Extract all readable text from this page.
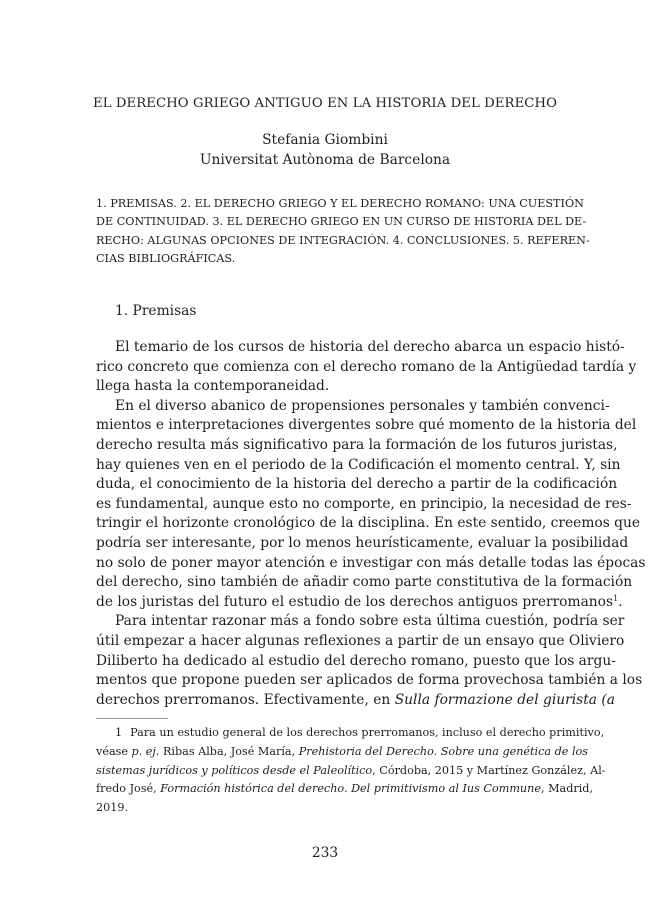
EL DERECHO GRIEGO ANTIGUO EN LA HISTORIA DEL DERECHO
Stefania Giombini
Universitat Autònoma de Barcelona
1. PREMISAS. 2. EL DERECHO GRIEGO Y EL DERECHO ROMANO: UNA CUESTIÓN
DE CONTINUIDAD. 3. EL DERECHO GRIEGO EN UN CURSO DE HISTORIA DEL DE-
RECHO: ALGUNAS OPCIONES DE INTEGRACIÓN. 4. CONCLUSIONES. 5. REFEREN-
CIAS BIBLIOGRÁFICAS.
1. Premisas
El temario de los cursos de historia del derecho abarca un espacio histó-
rico concreto que comienza con el derecho romano de la Antigüedad tardía y
llega hasta la contemporaneidad.
En el diverso abanico de propensiones personales y también convenci-
mientos e interpretaciones divergentes sobre qué momento de la historia del
derecho resulta más significativo para la formación de los futuros juristas,
hay quienes ven en el periodo de la Codificación el momento central. Y, sin
duda, el conocimiento de la historia del derecho a partir de la codificación
es fundamental, aunque esto no comporte, en principio, la necesidad de res-
tringir el horizonte cronológico de la disciplina. En este sentido, creemos que
podría ser interesante, por lo menos heurísticamente, evaluar la posibilidad
no solo de poner mayor atención e investigar con más detalle todas las épocas
del derecho, sino también de añadir como parte constitutiva de la formación
de los juristas del futuro el estudio de los derechos antiguos prerromanos$^1$.
Para intentar razonar más a fondo sobre esta última cuestión, podría ser
útil empezar a hacer algunas reflexiones a partir de un ensayo que Oliviero
Diliberto ha dedicado al estudio del derecho romano, puesto que los argu-
mentos que propone pueden ser aplicados de forma provechosa también a los
derechos prerromanos. Efectivamente, en Sulla formazione del giurista (a
1 Para un estudio general de los derechos prerromanos, incluso el derecho primitivo,
véase p. ej. Ribas Alba, José María, Prehistoria del Derecho. Sobre una genética de los
sistemas jurídicos y políticos desde el Paleolítico, Córdoba, 2015 y Martínez González, Al-
fredo José, Formación histórica del derecho. Del primitivismo al Ius Commune, Madrid,
2019.
233
